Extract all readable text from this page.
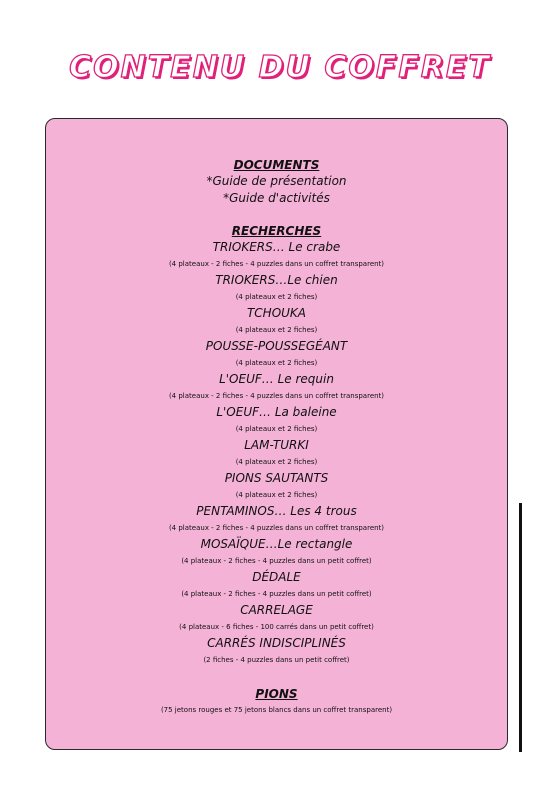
CONTENU DU COFFRET
DOCUMENTS
*Guide de présentation
*Guide d'activités
RECHERCHES
TRIOKERS… Le crabe
(4 plateaux - 2 fiches - 4 puzzles dans un coffret transparent)
TRIOKERS…Le chien
(4 plateaux et 2 fiches)
TCHOUKA
(4 plateaux et 2 fiches)
POUSSE-POUSSEGÉANT
(4 plateaux et 2 fiches)
L'OEUF… Le requin
(4 plateaux - 2 fiches - 4 puzzles dans un coffret transparent)
L'OEUF… La baleine
(4 plateaux et 2 fiches)
LAM-TURKI
(4 plateaux et 2 fiches)
PIONS SAUTANTS
(4 plateaux et 2 fiches)
PENTAMINOS… Les 4 trous
(4 plateaux - 2 fiches - 4 puzzles dans un coffret transparent)
MOSAÏQUE…Le rectangle
(4 plateaux - 2 fiches - 4 puzzles dans un petit coffret)
DÉDALE
(4 plateaux - 2 fiches - 4 puzzles dans un petit coffret)
CARRELAGE
(4 plateaux - 6 fiches - 100 carrés dans un petit coffret)
CARRÉS INDISCIPLINÉS
(2 fiches - 4 puzzles dans un petit coffret)
PIONS
(75 jetons rouges et 75 jetons blancs dans un coffret transparent)
